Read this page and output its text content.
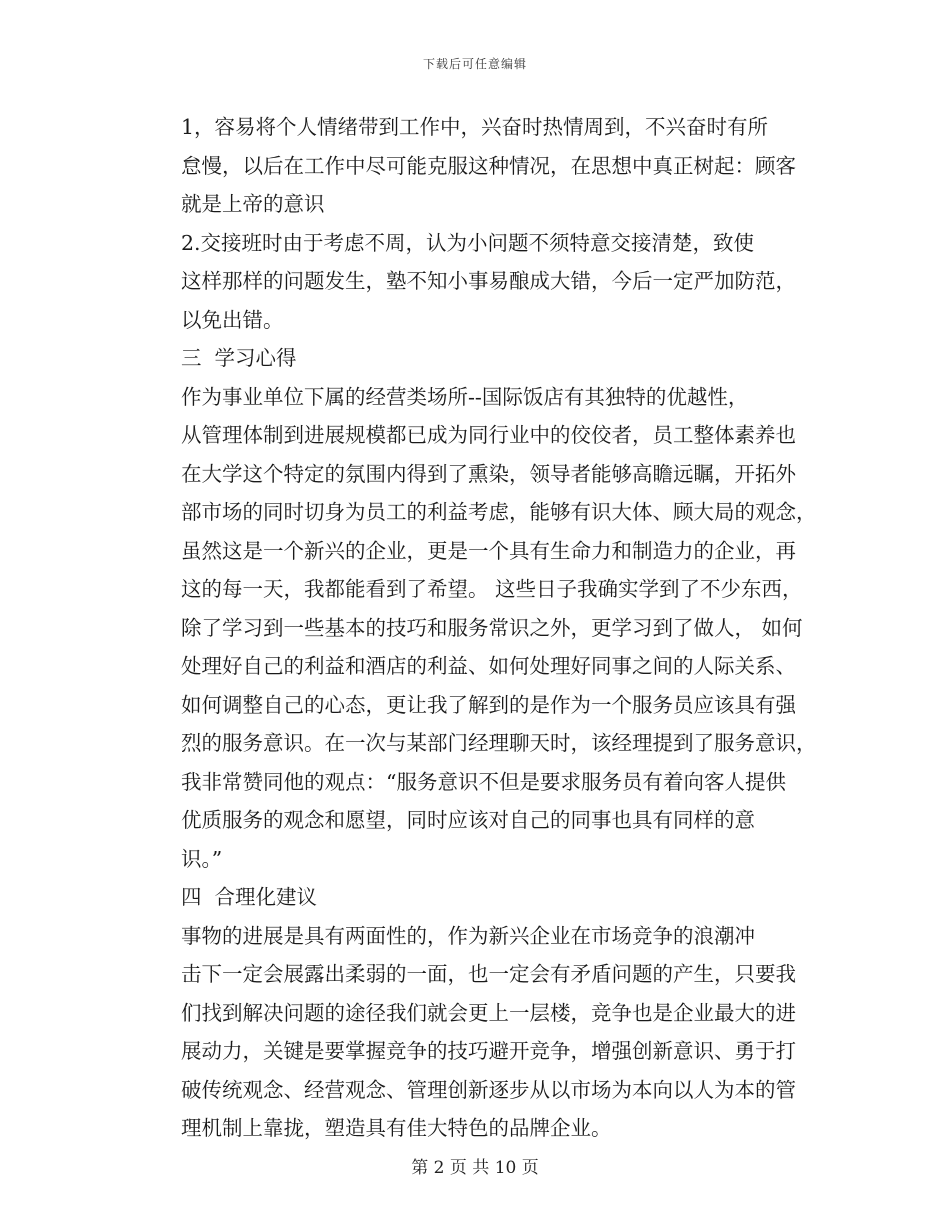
下载后可任意编辑

1，容易将个人情绪带到工作中，兴奋时热情周到，不兴奋时有所
怠慢，以后在工作中尽可能克服这种情况，在思想中真正树起：顾客
就是上帝的意识

2.交接班时由于考虑不周，认为小问题不须特意交接清楚，致使
这样那样的问题发生，塾不知小事易酿成大错，今后一定严加防范，
以免出错。

三  学习心得

作为事业单位下属的经营类场所--国际饭店有其独特的优越性，
从管理体制到进展规模都已成为同行业中的佼佼者，员工整体素养也
在大学这个特定的氛围内得到了熏染，领导者能够高瞻远瞩，开拓外
部市场的同时切身为员工的利益考虑，能够有识大体、顾大局的观念，
虽然这是一个新兴的企业，更是一个具有生命力和制造力的企业，再
这的每一天，我都能看到了希望。 这些日子我确实学到了不少东西，
除了学习到一些基本的技巧和服务常识之外，更学习到了做人， 如何
处理好自己的利益和酒店的利益、如何处理好同事之间的人际关系、
如何调整自己的心态，更让我了解到的是作为一个服务员应该具有强
烈的服务意识。在一次与某部门经理聊天时，该经理提到了服务意识，
我非常赞同他的观点：“服务意识不但是要求服务员有着向客人提供
优质服务的观念和愿望，同时应该对自己的同事也具有同样的意
识。”

四  合理化建议

事物的进展是具有两面性的，作为新兴企业在市场竞争的浪潮冲
击下一定会展露出柔弱的一面，也一定会有矛盾问题的产生，只要我
们找到解决问题的途径我们就会更上一层楼，竞争也是企业最大的进
展动力，关键是要掌握竞争的技巧避开竞争，增强创新意识、勇于打
破传统观念、经营观念、管理创新逐步从以市场为本向以人为本的管
理机制上靠拢，塑造具有佳大特色的品牌企业。

第 2 页 共 10 页
